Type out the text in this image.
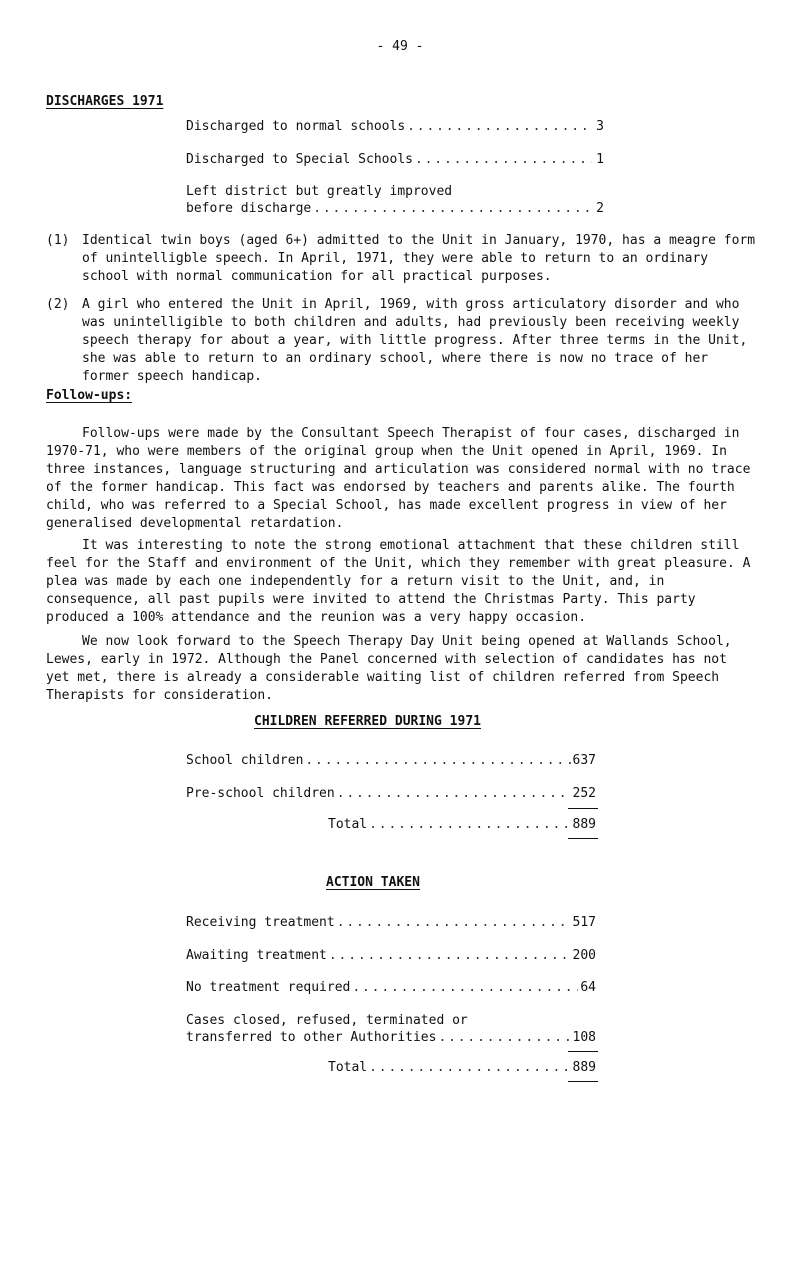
- 49 -
DISCHARGES 1971
Discharged to normal schools . . .	3
Discharged to Special Schools . . .	1
Left district but greatly improved
before discharge . . .	2
(1) Identical twin boys (aged 6+) admitted to the Unit in January, 1970, has a meagre form of unintelligble speech. In April, 1971, they were able to return to an ordinary school with normal communication for all practical purposes.
(2) A girl who entered the Unit in April, 1969, with gross articulatory disorder and who was unintelligible to both children and adults, had previously been receiving weekly speech therapy for about a year, with little progress. After three terms in the Unit, she was able to return to an ordinary school, where there is now no trace of her former speech handicap.
Follow-ups:
Follow-ups were made by the Consultant Speech Therapist of four cases, discharged in 1970-71, who were members of the original group when the Unit opened in April, 1969. In three instances, language structuring and articulation was considered normal with no trace of the former handicap. This fact was endorsed by teachers and parents alike. The fourth child, who was referred to a Special School, has made excellent progress in view of her generalised developmental retardation.
It was interesting to note the strong emotional attachment that these children still feel for the Staff and environment of the Unit, which they remember with great pleasure. A plea was made by each one independently for a return visit to the Unit, and, in consequence, all past pupils were invited to attend the Christmas Party. This party produced a 100% attendance and the reunion was a very happy occasion.
We now look forward to the Speech Therapy Day Unit being opened at Wallands School, Lewes, early in 1972. Although the Panel concerned with selection of candidates has not yet met, there is already a considerable waiting list of children referred from Speech Therapists for consideration.
CHILDREN REFERRED DURING 1971
School children . . .	637
Pre-school children . . .	252
Total . . .	889
ACTION TAKEN
Receiving treatment . . .	517
Awaiting treatment . . .	200
No treatment required . . .	64
Cases closed, refused, terminated or
transferred to other Authorities . . .	108
Total . . .	889
